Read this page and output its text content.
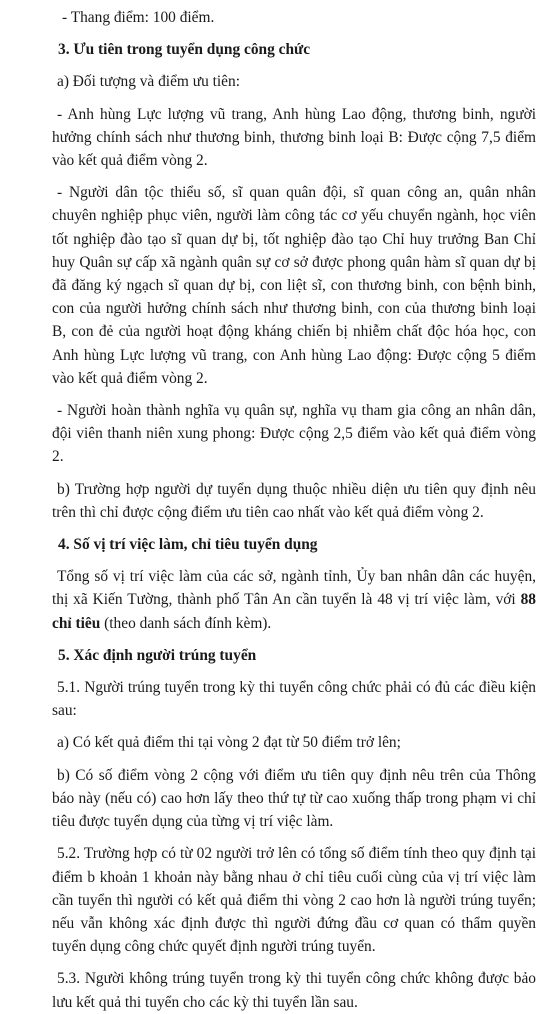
- Thang điểm: 100 điểm.

3. Ưu tiên trong tuyển dụng công chức

a) Đối tượng và điểm ưu tiên:

- Anh hùng Lực lượng vũ trang, Anh hùng Lao động, thương binh, người hưởng chính sách như thương binh, thương binh loại B: Được cộng 7,5 điểm vào kết quả điểm vòng 2.

- Người dân tộc thiểu số, sĩ quan quân đội, sĩ quan công an, quân nhân chuyên nghiệp phục viên, người làm công tác cơ yếu chuyển ngành, học viên tốt nghiệp đào tạo sĩ quan dự bị, tốt nghiệp đào tạo Chỉ huy trưởng Ban Chỉ huy Quân sự cấp xã ngành quân sự cơ sở được phong quân hàm sĩ quan dự bị đã đăng ký ngạch sĩ quan dự bị, con liệt sĩ, con thương binh, con bệnh binh, con của người hưởng chính sách như thương binh, con của thương binh loại B, con đẻ của người hoạt động kháng chiến bị nhiễm chất độc hóa học, con Anh hùng Lực lượng vũ trang, con Anh hùng Lao động: Được cộng 5 điểm vào kết quả điểm vòng 2.

- Người hoàn thành nghĩa vụ quân sự, nghĩa vụ tham gia công an nhân dân, đội viên thanh niên xung phong: Được cộng 2,5 điểm vào kết quả điểm vòng 2.

b) Trường hợp người dự tuyển dụng thuộc nhiều diện ưu tiên quy định nêu trên thì chỉ được cộng điểm ưu tiên cao nhất vào kết quả điểm vòng 2.

4. Số vị trí việc làm, chỉ tiêu tuyển dụng

Tổng số vị trí việc làm của các sở, ngành tỉnh, Ủy ban nhân dân các huyện, thị xã Kiến Tường, thành phố Tân An cần tuyển là 48 vị trí việc làm, với 88 chỉ tiêu (theo danh sách đính kèm).

5. Xác định người trúng tuyển

5.1. Người trúng tuyển trong kỳ thi tuyển công chức phải có đủ các điều kiện sau:

a) Có kết quả điểm thi tại vòng 2 đạt từ 50 điểm trở lên;

b) Có số điểm vòng 2 cộng với điểm ưu tiên quy định nêu trên của Thông báo này (nếu có) cao hơn lấy theo thứ tự từ cao xuống thấp trong phạm vi chỉ tiêu được tuyển dụng của từng vị trí việc làm.

5.2. Trường hợp có từ 02 người trở lên có tổng số điểm tính theo quy định tại điểm b khoản 1 khoản này bằng nhau ở chỉ tiêu cuối cùng của vị trí việc làm cần tuyển thì người có kết quả điểm thi vòng 2 cao hơn là người trúng tuyển; nếu vẫn không xác định được thì người đứng đầu cơ quan có thẩm quyền tuyển dụng công chức quyết định người trúng tuyển.

5.3. Người không trúng tuyển trong kỳ thi tuyển công chức không được bảo lưu kết quả thi tuyển cho các kỳ thi tuyển lần sau.
